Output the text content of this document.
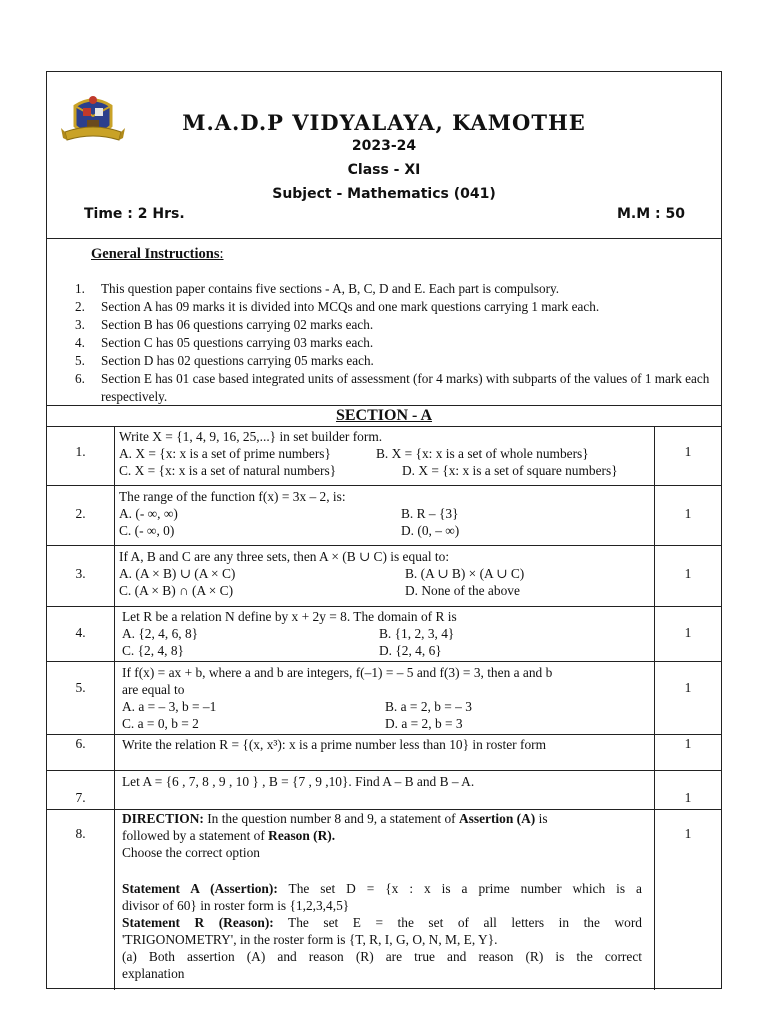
M.A.D.P VIDYALAYA, KAMOTHE
2023-24
Class - XI
Subject - Mathematics (041)
Time : 2 Hrs.	M.M : 50
General Instructions:
1. This question paper contains five sections - A, B, C, D and E. Each part is compulsory.
2. Section A has 09 marks it is divided into MCQs and one mark questions carrying 1 mark each.
3. Section B has 06 questions carrying 02 marks each.
4. Section C has 05 questions carrying 03 marks each.
5. Section D has 02 questions carrying 05 marks each.
6. Section E has 01 case based integrated units of assessment (for 4 marks) with subparts of the values of 1 mark each respectively.
SECTION - A
1.
Write X = {1, 4, 9, 16, 25,...} in set builder form.
A. X = {x: x is a set of prime numbers}	B. X = {x: x is a set of whole numbers}
C. X = {x: x is a set of natural numbers}	D. X = {x: x is a set of square numbers}
1
2.
The range of the function f(x) = 3x – 2, is:
A. (- ∞, ∞)	B. R – {3}
C. (- ∞, 0)	D. (0, – ∞)
1
3.
If A, B and C are any three sets, then A × (B ∪ C) is equal to:
A. (A × B) ∪ (A × C)	B. (A ∪ B) × (A ∪ C)
C. (A × B) ∩ (A × C)	D. None of the above
1
4.
Let R be a relation N define by x + 2y = 8. The domain of R is
A. {2, 4, 6, 8}	B. {1, 2, 3, 4}
C. {2, 4, 8}	D. {2, 4, 6}
1
5.
If f(x) = ax + b, where a and b are integers, f(–1) = – 5 and f(3) = 3, then a and b
are equal to
A. a = – 3, b = –1	B. a = 2, b = – 3
C. a = 0, b = 2	D. a = 2, b = 3
1
6.	Write the relation R = {(x, x³): x is a prime number less than 10} in roster form	1
7.
Let A = {6 , 7, 8 , 9 , 10 } , B = {7 , 9 ,10}. Find A – B and B – A.
1
8.
DIRECTION: In the question number 8 and 9, a statement of Assertion (A) is
followed by a statement of Reason (R).
Choose the correct option
Statement A (Assertion): The set D = {x : x is a prime number which is a
divisor of 60} in roster form is {1,2,3,4,5}
Statement R (Reason): The set E = the set of all letters in the word
'TRIGONOMETRY', in the roster form is {T, R, I, G, O, N, M, E, Y}.
(a) Both assertion (A) and reason (R) are true and reason (R) is the correct
explanation
1
